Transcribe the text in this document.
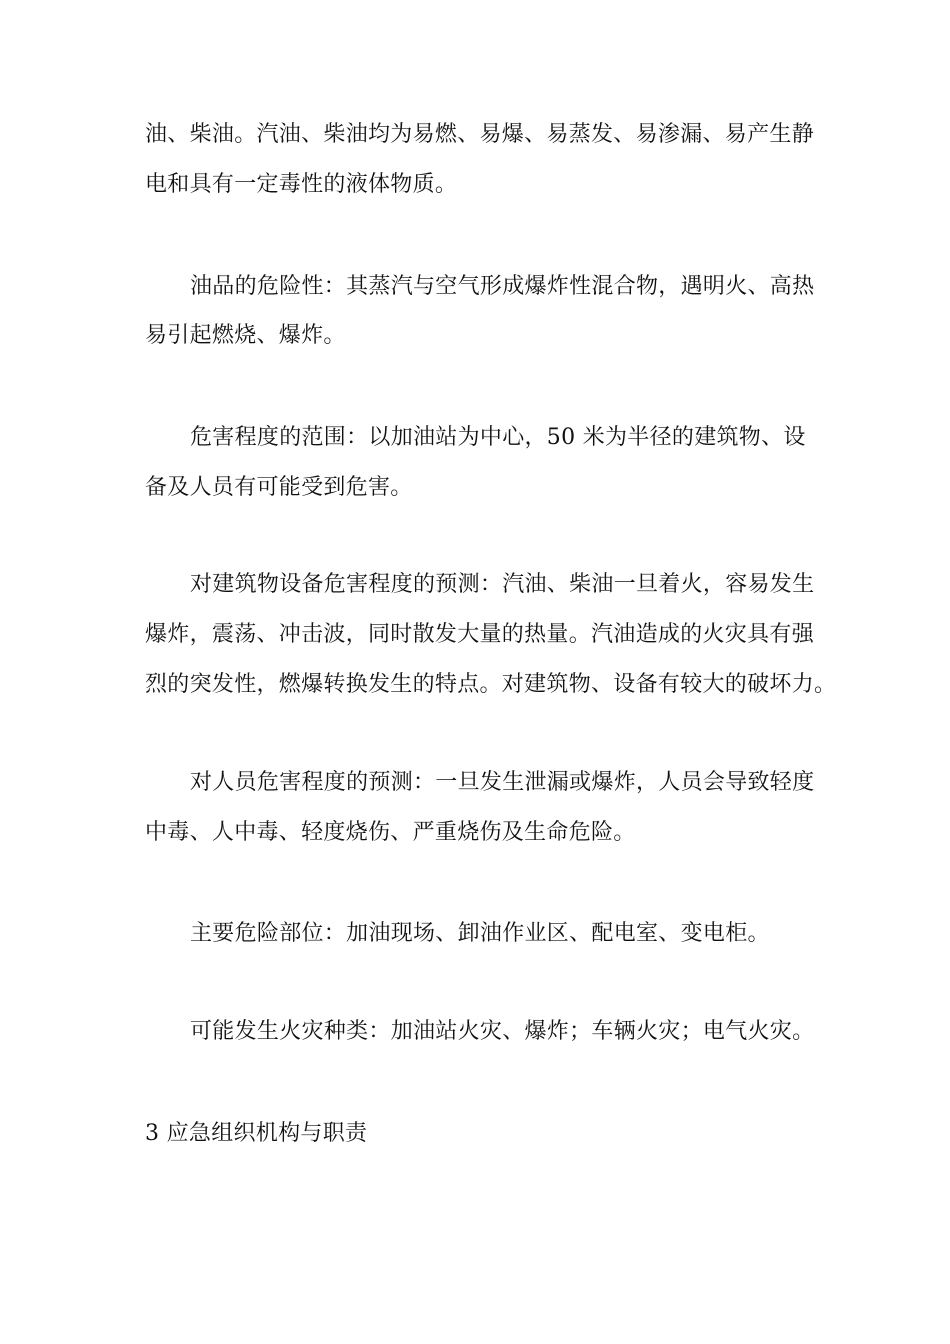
油、柴油。汽油、柴油均为易燃、易爆、易蒸发、易渗漏、易产生静
电和具有一定毒性的液体物质。
油品的危险性：其蒸汽与空气形成爆炸性混合物，遇明火、高热
易引起燃烧、爆炸。
危害程度的范围：以加油站为中心，50 米为半径的建筑物、设
备及人员有可能受到危害。
对建筑物设备危害程度的预测：汽油、柴油一旦着火，容易发生
爆炸，震荡、冲击波，同时散发大量的热量。汽油造成的火灾具有强
烈的突发性，燃爆转换发生的特点。对建筑物、设备有较大的破坏力。
对人员危害程度的预测：一旦发生泄漏或爆炸，人员会导致轻度
中毒、人中毒、轻度烧伤、严重烧伤及生命危险。
主要危险部位：加油现场、卸油作业区、配电室、变电柜。
可能发生火灾种类：加油站火灾、爆炸；车辆火灾；电气火灾。
3 应急组织机构与职责
